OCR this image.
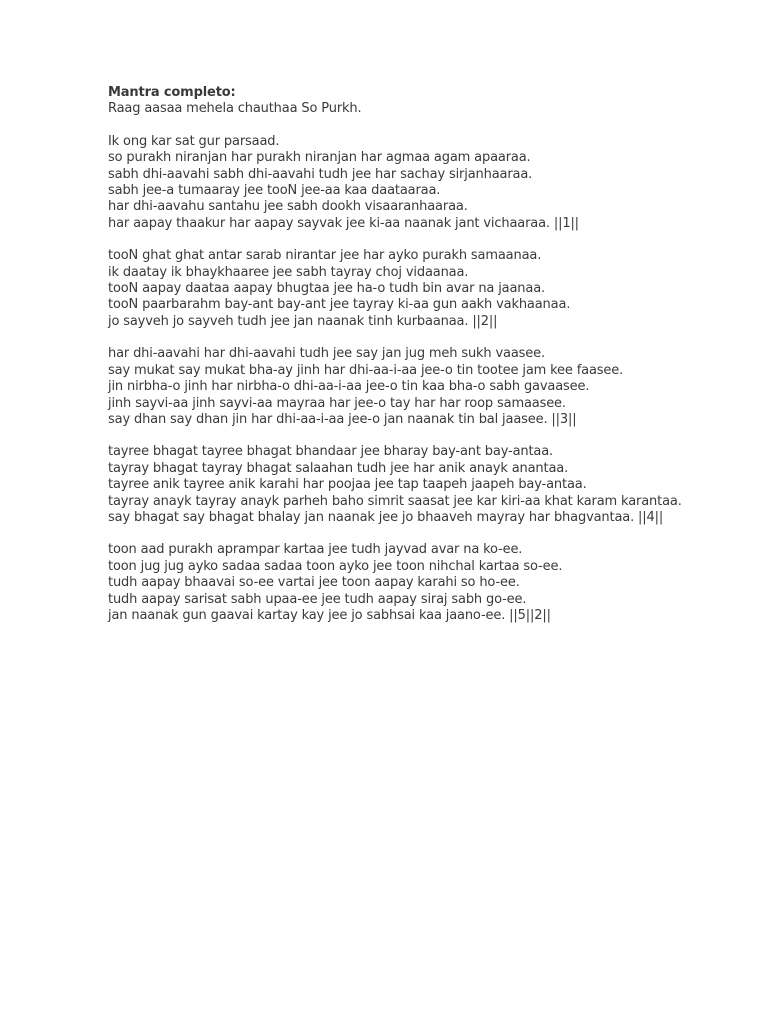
Mantra completo:

Raag aasaa mehela chauthaa So Purkh.

Ik ong kar sat gur parsaad.
so purakh niranjan har purakh niranjan har agmaa agam apaaraa.
sabh dhi-aavahi sabh dhi-aavahi tudh jee har sachay sirjanhaaraa.
sabh jee-a tumaaray jee tooN jee-aa kaa daataaraa.
har dhi-aavahu santahu jee sabh dookh visaaranhaaraa.
har aapay thaakur har aapay sayvak jee ki-aa naanak jant vichaaraa. ||1||
tooN ghat ghat antar sarab nirantar jee har ayko purakh samaanaa.
ik daatay ik bhaykhaaree jee sabh tayray choj vidaanaa.
tooN aapay daataa aapay bhugtaa jee ha-o tudh bin avar na jaanaa.
tooN paarbarahm bay-ant bay-ant jee tayray ki-aa gun aakh vakhaanaa.
jo sayveh jo sayveh tudh jee jan naanak tinh kurbaanaa. ||2||
har dhi-aavahi har dhi-aavahi tudh jee say jan jug meh sukh vaasee.
say mukat say mukat bha-ay jinh har dhi-aa-i-aa jee-o tin tootee jam kee faasee.
jin nirbha-o jinh har nirbha-o dhi-aa-i-aa jee-o tin kaa bha-o sabh gavaasee.
jinh sayvi-aa jinh sayvi-aa mayraa har jee-o tay har har roop samaasee.
say dhan say dhan jin har dhi-aa-i-aa jee-o jan naanak tin bal jaasee. ||3||
tayree bhagat tayree bhagat bhandaar jee bharay bay-ant bay-antaa.
tayray bhagat tayray bhagat salaahan tudh jee har anik anayk anantaa.
tayree anik tayree anik karahi har poojaa jee tap taapeh jaapeh bay-antaa.
tayray anayk tayray anayk parheh baho simrit saasat jee kar kiri-aa khat karam karantaa.
say bhagat say bhagat bhalay jan naanak jee jo bhaaveh mayray har bhagvantaa. ||4||
toon aad purakh aprampar kartaa jee tudh jayvad avar na ko-ee.
toon jug jug ayko sadaa sadaa toon ayko jee toon nihchal kartaa so-ee.
tudh aapay bhaavai so-ee vartai jee toon aapay karahi so ho-ee.
tudh aapay sarisat sabh upaa-ee jee tudh aapay siraj sabh go-ee.
jan naanak gun gaavai kartay kay jee jo sabhsai kaa jaano-ee. ||5||2||
